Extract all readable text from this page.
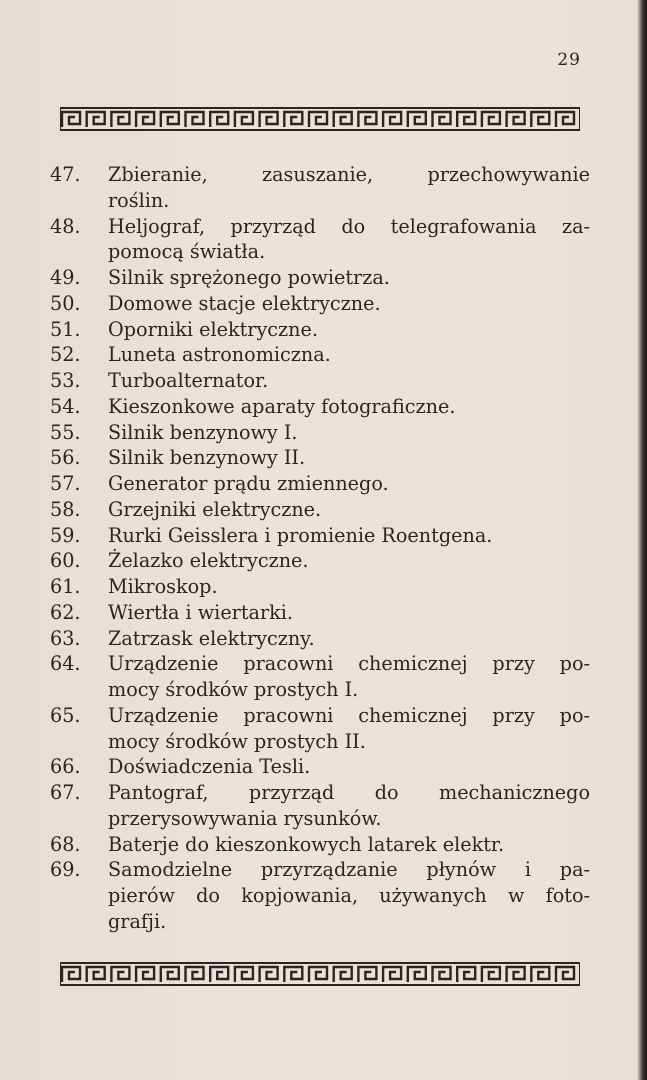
29
47.	Zbieranie, zasuszanie, przechowywanie
roślin.
48.	Heljograf, przyrząd do telegrafowania za-
pomocą światła.
49.	Silnik sprężonego powietrza.
50.	Domowe stacje elektryczne.
51.	Oporniki elektryczne.
52.	Luneta astronomiczna.
53.	Turboalternator.
54.	Kieszonkowe aparaty fotograficzne.
55.	Silnik benzynowy I.
56.	Silnik benzynowy II.
57.	Generator prądu zmiennego.
58.	Grzejniki elektryczne.
59.	Rurki Geisslera i promienie Roentgena.
60.	Żelazko elektryczne.
61.	Mikroskop.
62.	Wiertła i wiertarki.
63.	Zatrzask elektryczny.
64.	Urządzenie pracowni chemicznej przy po-
mocy środków prostych I.
65.	Urządzenie pracowni chemicznej przy po-
mocy środków prostych II.
66.	Doświadczenia Tesli.
67.	Pantograf, przyrząd do mechanicznego
przerysowywania rysunków.
68.	Baterje do kieszonkowych latarek elektr.
69.	Samodzielne przyrządzanie płynów i pa-
pierów do kopjowania, używanych w foto-
grafji.
